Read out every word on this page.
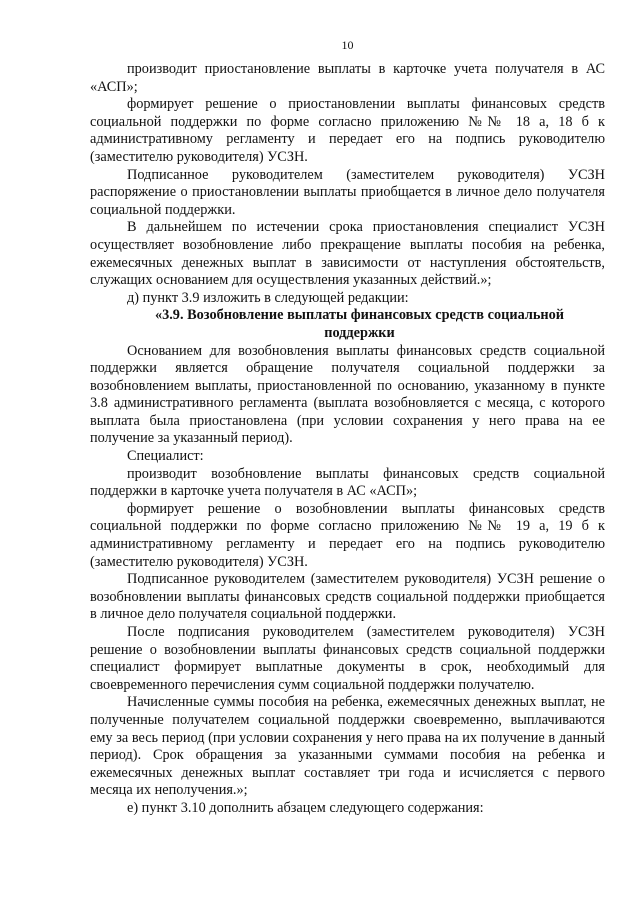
10

производит приостановление выплаты в карточке учета получателя в АС «АСП»;

формирует решение о приостановлении выплаты финансовых средств социальной поддержки по форме согласно приложению №№ 18 а, 18 б к административному регламенту и передает его на подпись руководителю (заместителю руководителя) УСЗН.

Подписанное руководителем (заместителем руководителя) УСЗН распоряжение о приостановлении выплаты приобщается в личное дело получателя социальной поддержки.

В дальнейшем по истечении срока приостановления специалист УСЗН осуществляет возобновление либо прекращение выплаты пособия на ребенка, ежемесячных денежных выплат в зависимости от наступления обстоятельств, служащих основанием для осуществления указанных действий.»;

д) пункт 3.9 изложить в следующей редакции:

«3.9. Возобновление выплаты финансовых средств социальной поддержки

Основанием для возобновления выплаты финансовых средств социальной поддержки является обращение получателя социальной поддержки за возобновлением выплаты, приостановленной по основанию, указанному в пункте 3.8 административного регламента (выплата возобновляется с месяца, с которого выплата была приостановлена (при условии сохранения у него права на ее получение за указанный период).

Специалист:

производит возобновление выплаты финансовых средств социальной поддержки в карточке учета получателя в АС «АСП»;

формирует решение о возобновлении выплаты финансовых средств социальной поддержки по форме согласно приложению №№ 19 а, 19 б к административному регламенту и передает его на подпись руководителю (заместителю руководителя) УСЗН.

Подписанное руководителем (заместителем руководителя) УСЗН решение о возобновлении выплаты финансовых средств социальной поддержки приобщается в личное дело получателя социальной поддержки.

После подписания руководителем (заместителем руководителя) УСЗН решение о возобновлении выплаты финансовых средств социальной поддержки специалист формирует выплатные документы в срок, необходимый для своевременного перечисления сумм социальной поддержки получателю.

Начисленные суммы пособия на ребенка, ежемесячных денежных выплат, не полученные получателем социальной поддержки своевременно, выплачиваются ему за весь период (при условии сохранения у него права на их получение в данный период). Срок обращения за указанными суммами пособия на ребенка и ежемесячных денежных выплат составляет три года и исчисляется с первого месяца их неполучения.»;

е) пункт 3.10 дополнить абзацем следующего содержания:
